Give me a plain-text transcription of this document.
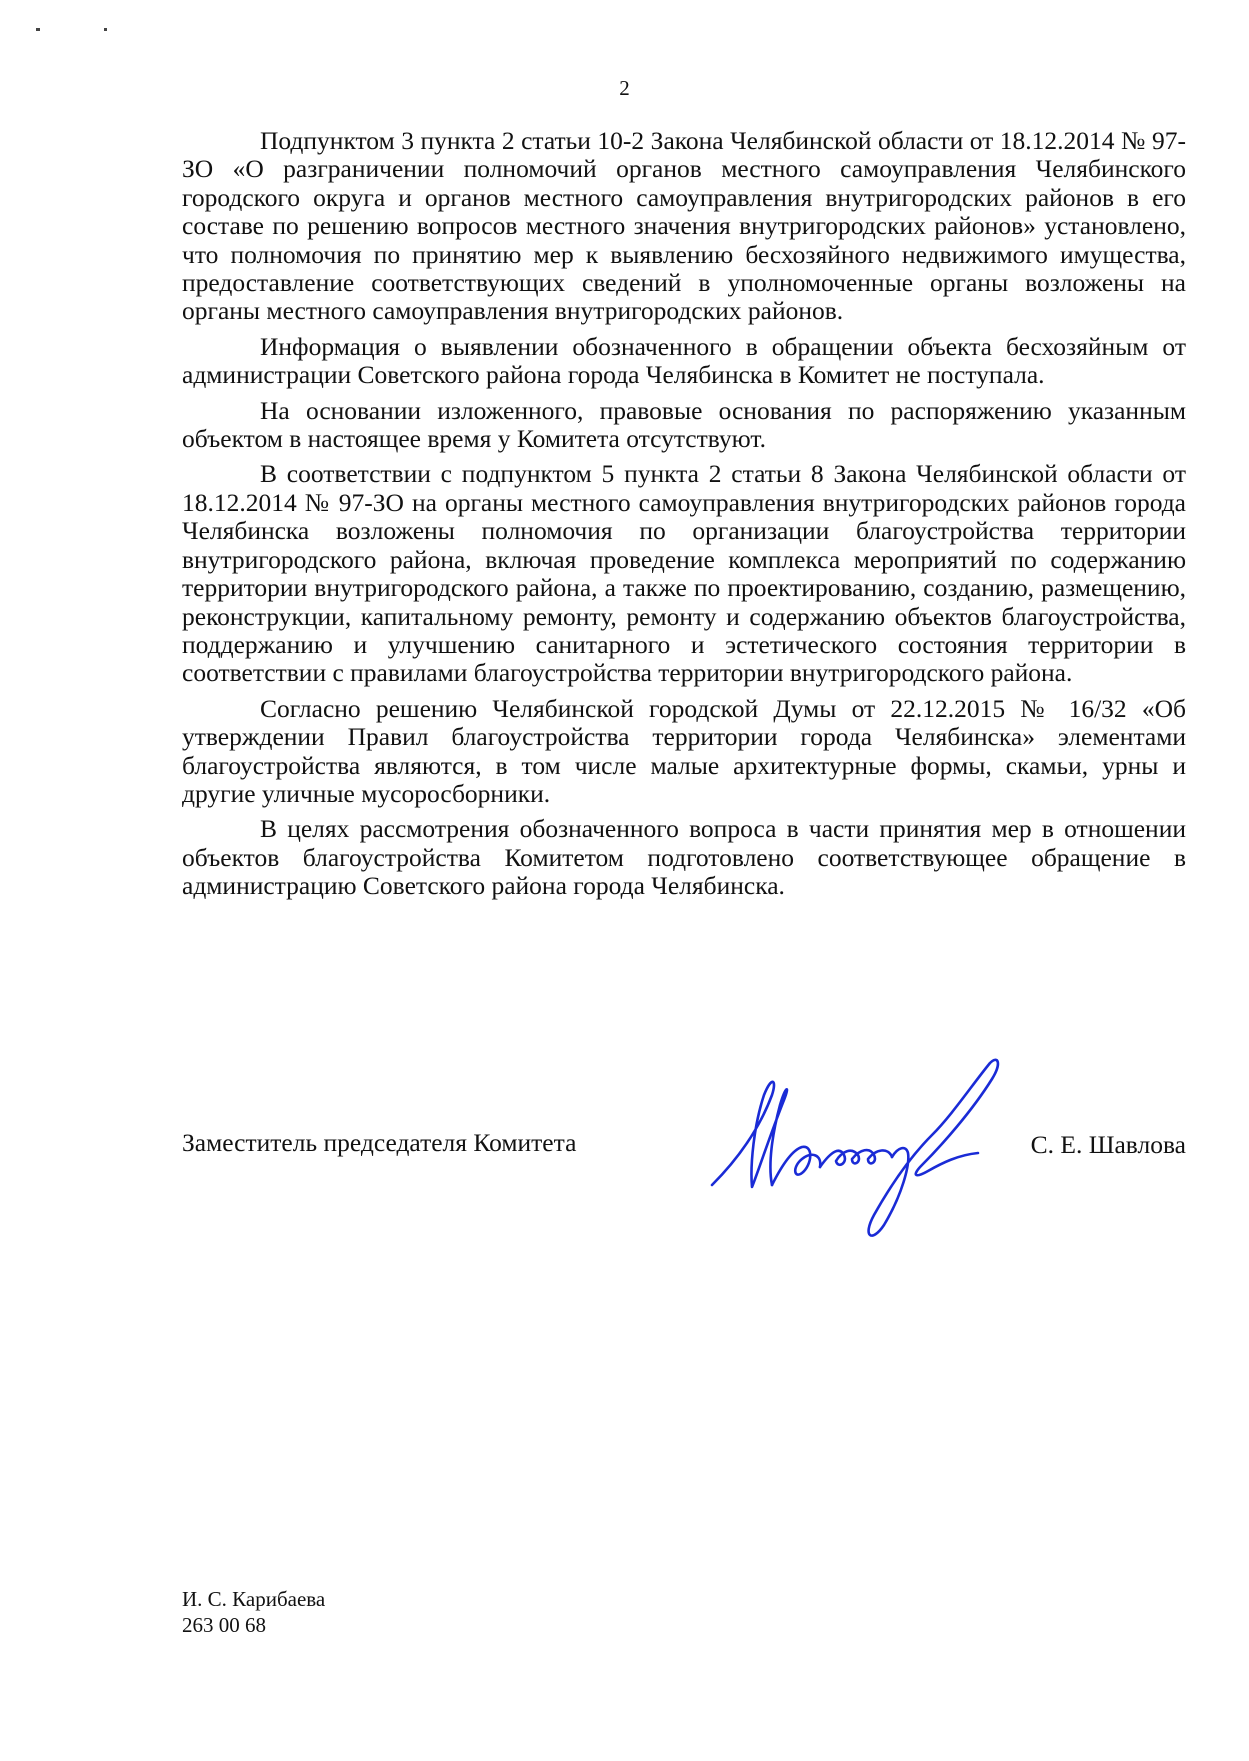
2

Подпунктом 3 пункта 2 статьи 10-2 Закона Челябинской области от 18.12.2014 № 97-ЗО «О разграничении полномочий органов местного самоуправления Челябинского городского округа и органов местного самоуправления внутригородских районов в его составе по решению вопросов местного значения внутригородских районов» установлено, что полномочия по принятию мер к выявлению бесхозяйного недвижимого имущества, предоставление соответствующих сведений в уполномоченные органы возложены на органы местного самоуправления внутригородских районов.

Информация о выявлении обозначенного в обращении объекта бесхозяйным от администрации Советского района города Челябинска в Комитет не поступала.

На основании изложенного, правовые основания по распоряжению указанным объектом в настоящее время у Комитета отсутствуют.

В соответствии с подпунктом 5 пункта 2 статьи 8 Закона Челябинской области от 18.12.2014 № 97-ЗО на органы местного самоуправления внутригородских районов города Челябинска возложены полномочия по организации благоустройства территории внутригородского района, включая проведение комплекса мероприятий по содержанию территории внутригородского района, а также по проектированию, созданию, размещению, реконструкции, капитальному ремонту, ремонту и содержанию объектов благоустройства, поддержанию и улучшению санитарного и эстетического состояния территории в соответствии с правилами благоустройства территории внутригородского района.

Согласно решению Челябинской городской Думы от 22.12.2015 № 16/32 «Об утверждении Правил благоустройства территории города Челябинска» элементами благоустройства являются, в том числе малые архитектурные формы, скамьи, урны и другие уличные мусоросборники.

В целях рассмотрения обозначенного вопроса в части принятия мер в отношении объектов благоустройства Комитетом подготовлено соответствующее обращение в администрацию Советского района города Челябинска.

Заместитель председателя Комитета	С. Е. Шавлова
И. С. Карибаева
263 00 68
